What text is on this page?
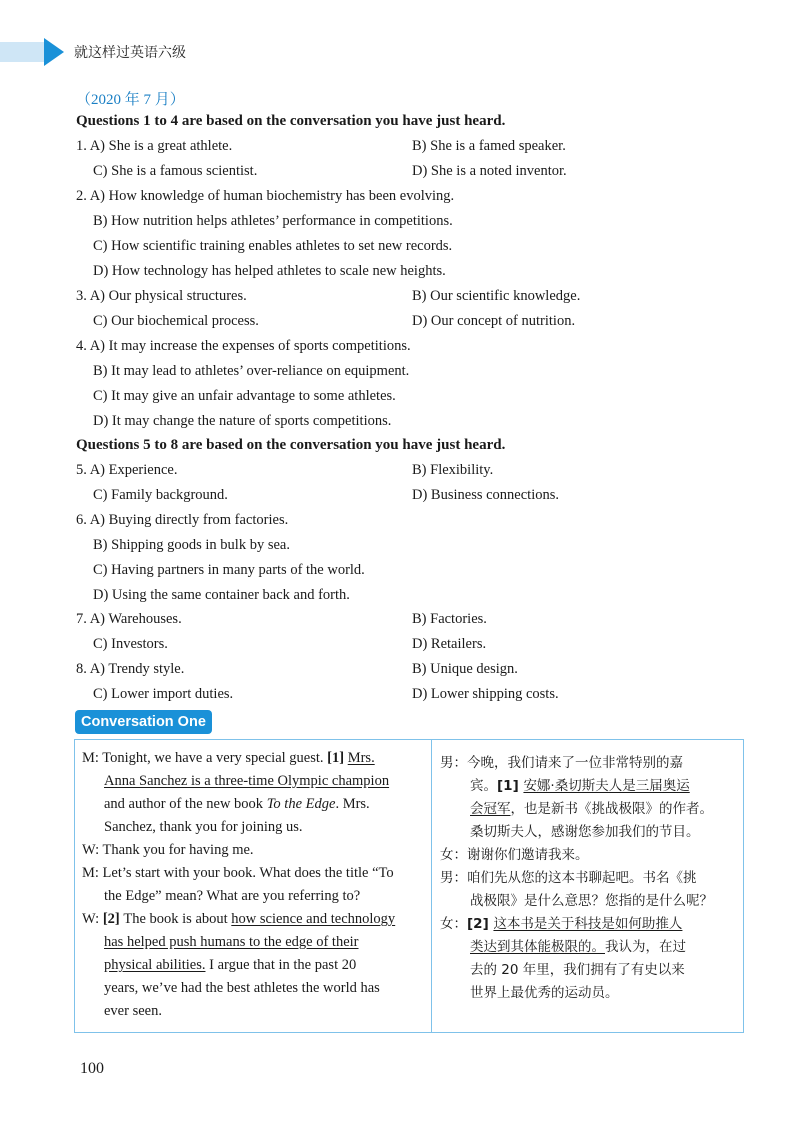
就这样过英语六级
（2020 年 7 月）
Questions 1 to 4 are based on the conversation you have just heard.
1. A) She is a great athlete.	B) She is a famed speaker.
C) She is a famous scientist.	D) She is a noted inventor.
2. A) How knowledge of human biochemistry has been evolving.
B) How nutrition helps athletes’ performance in competitions.
C) How scientific training enables athletes to set new records.
D) How technology has helped athletes to scale new heights.
3. A) Our physical structures.	B) Our scientific knowledge.
C) Our biochemical process.	D) Our concept of nutrition.
4. A) It may increase the expenses of sports competitions.
B) It may lead to athletes’ over-reliance on equipment.
C) It may give an unfair advantage to some athletes.
D) It may change the nature of sports competitions.
Questions 5 to 8 are based on the conversation you have just heard.
5. A) Experience.	B) Flexibility.
C) Family background.	D) Business connections.
6. A) Buying directly from factories.
B) Shipping goods in bulk by sea.
C) Having partners in many parts of the world.
D) Using the same container back and forth.
7. A) Warehouses.	B) Factories.
C) Investors.	D) Retailers.
8. A) Trendy style.	B) Unique design.
C) Lower import duties.	D) Lower shipping costs.
Conversation One
M: Tonight, we have a very special guest. [1] Mrs.
Anna Sanchez is a three-time Olympic champion
and author of the new book To the Edge. Mrs.
Sanchez, thank you for joining us.
W: Thank you for having me.
M: Let’s start with your book. What does the title “To
the Edge” mean? What are you referring to?
W: [2] The book is about how science and technology
has helped push humans to the edge of their
physical abilities. I argue that in the past 20
years, we’ve had the best athletes the world has
ever seen.
男：今晚，我们请来了一位非常特别的嘉
宾。[1] 安娜·桑切斯夫人是三届奥运
会冠军，也是新书《挑战极限》的作者。
桑切斯夫人，感谢您参加我们的节目。
女：谢谢你们邀请我来。
男：咱们先从您的这本书聊起吧。书名《挑
战极限》是什么意思？您指的是什么呢？
女：[2] 这本书是关于科技是如何助推人
类达到其体能极限的。我认为，在过
去的 20 年里，我们拥有了有史以来
世界上最优秀的运动员。
100
